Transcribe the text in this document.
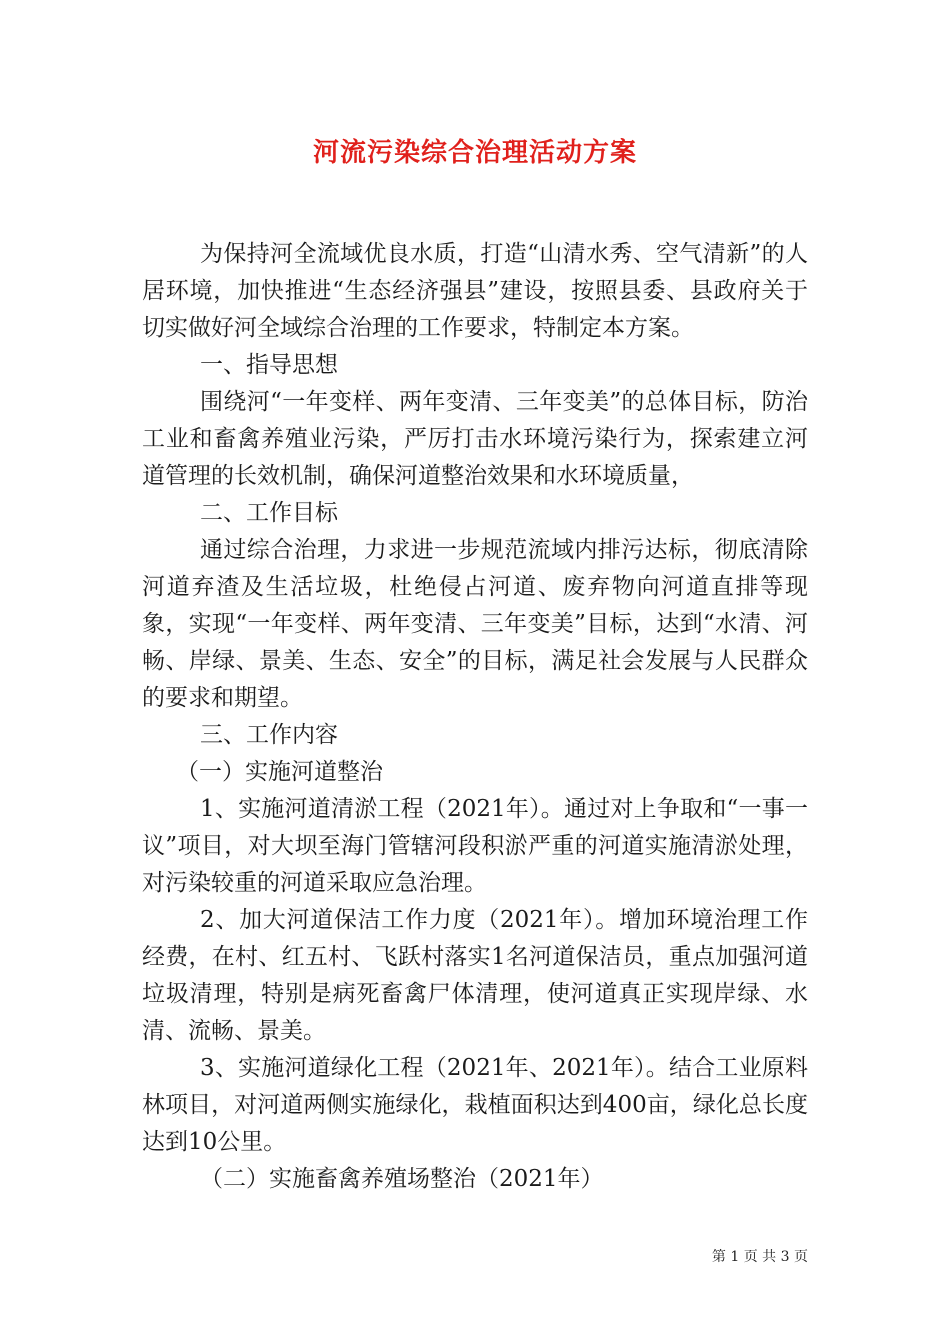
河流污染综合治理活动方案

为保持河全流域优良水质，打造“山清水秀、空气清新”的人居环境，加快推进“生态经济强县”建设，按照县委、县政府关于切实做好河全域综合治理的工作要求，特制定本方案。

一、指导思想

围绕河“一年变样、两年变清、三年变美”的总体目标，防治工业和畜禽养殖业污染，严厉打击水环境污染行为，探索建立河道管理的长效机制，确保河道整治效果和水环境质量，

二、工作目标

通过综合治理，力求进一步规范流域内排污达标，彻底清除河道弃渣及生活垃圾，杜绝侵占河道、废弃物向河道直排等现象，实现“一年变样、两年变清、三年变美”目标，达到“水清、河畅、岸绿、景美、生态、安全”的目标，满足社会发展与人民群众的要求和期望。

三、工作内容

（一）实施河道整治

1、实施河道清淤工程（2021年）。通过对上争取和“一事一议”项目，对大坝至海门管辖河段积淤严重的河道实施清淤处理，对污染较重的河道采取应急治理。

2、加大河道保洁工作力度（2021年）。增加环境治理工作经费，在村、红五村、飞跃村落实1名河道保洁员，重点加强河道垃圾清理，特别是病死畜禽尸体清理，使河道真正实现岸绿、水清、流畅、景美。

3、实施河道绿化工程（2021年、2021年）。结合工业原料林项目，对河道两侧实施绿化，栽植面积达到400亩，绿化总长度达到10公里。

（二）实施畜禽养殖场整治（2021年）

第 1 页 共 3 页
